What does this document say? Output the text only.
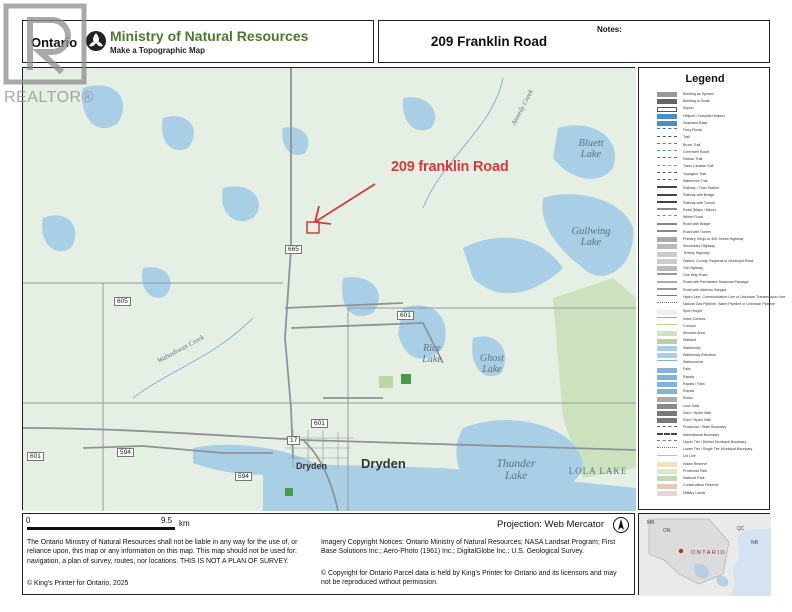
REALTOR®
Ontario Ministry of Natural Resources
Make a Topographic Map
209 Franklin Road
Notes:
209 franklin Road
Bluett Lake
Gullwing Lake
Rice Lake	Ghost Lake
Thunder Lake	LOLA LAKE
Annedy Creek
Wabashwan Creek
Dryden
Dryden
665
605
601
601
601
17
594
594
Legend
Building as Symbol
Building to Scale
Airport
Heliport / Hospital Heliport
Seaplane Base
Ferry Route
Trail
Bruce Trail
Greenbelt Route
Rideau Trail
Trans Canada Trail
Voyageur Trail
Waterfront Trail
Railway / Train Station
Railway with Bridge
Railway with Tunnel
Road (Major / Minor)
Winter Road
Road with Bridge
Road with Tunnel
Primary, Kings or 400-Series Highway
Secondary Highway
Tertiary Highway
District, County, Regional or Municipal Road
Toll Highway
One Way Road
Road with Permanent Seasonal Passage
Road with Address Ranges
Hydro Line, Communication Line or Unknown Transmission Line
Natural Gas Pipeline, Water Pipeline or Unknown Pipeline
Spot Height
Index Contour
Contour
Wooded Area
Wetland
Waterbody
Waterbody Elevation
Watercourse
Falls
Rapids
Rapids / Falls
Rapids
Rocks
Lock Gate
Dam / Hydro Wall
Dam / Hydro Wall
Provincial / State Boundary
International Boundary
Upper Tier / District Municipal Boundary
Lower Tier / Single Tier Municipal Boundary
Lot Line
Indian Reserve
Provincial Park
National Park
Conservation Reserve
Military Lands
0	9.5 km	Projection: Web Mercator
The Ontario Ministry of Natural Resources shall not be liable in any way for the use of, or reliance upon, this map or any information on this map. This map should not be used for: navigation, a plan of survey, routes, nor locations. THIS IS NOT A PLAN OF SURVEY.
© King's Printer for Ontario, 2025
Imagery Copyright Notices: Ontario Ministry of Natural Resources; NASA Landsat Program; First Base Solutions Inc.; Aero-Photo (1961) Inc.; DigitalGlobe Inc.; U.S. Geological Survey.
© Copyright for Ontario Parcel data is held by King's Printer for Ontario and its licensors and may not be reproduced without permission.
MB
QC
NB
ON
ONTARIO
